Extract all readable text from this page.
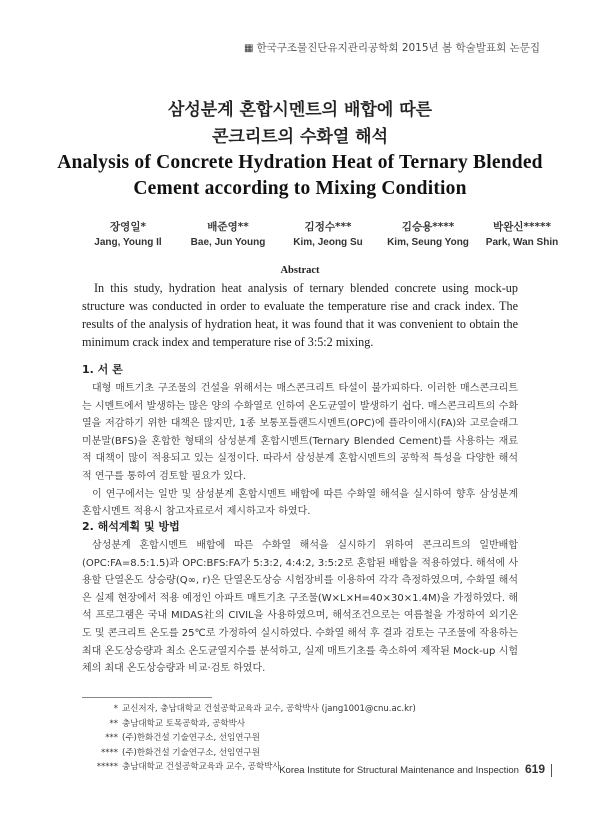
▦ 한국구조물진단유지관리공학회 2015년 봄 학술발표회 논문집
삼성분계 혼합시멘트의 배합에 따른
콘크리트의 수화열 해석
Analysis of Concrete Hydration Heat of Ternary Blended
Cement according to Mixing Condition
장영일*
Jang, Young Il
배준영**
Bae, Jun Young
김정수***
Kim, Jeong Su
김승용****
Kim, Seung Yong
박완신*****
Park, Wan Shin
Abstract
In this study, hydration heat analysis of ternary blended concrete using mock-up structure was conducted in order to evaluate the temperature rise and crack index. The results of the analysis of hydration heat, it was found that it was convenient to obtain the minimum crack index and temperature rise of 3:5:2 mixing.
1. 서 론

대형 매트기초 구조물의 건설을 위해서는 매스콘크리트 타설이 불가피하다. 이러한 매스콘크리트는 시멘트에서 발생하는 많은 양의 수화열로 인하여 온도균열이 발생하기 쉽다. 매스콘크리트의 수화열을 저감하기 위한 대책은 많지만, 1종 보통포틀랜드시멘트(OPC)에 플라이애시(FA)와 고로슬래그미분말(BFS)을 혼합한 형태의 삼성분계 혼합시멘트(Ternary Blended Cement)를 사용하는 재료적 대책이 많이 적용되고 있는 실정이다. 따라서 삼성분계 혼합시멘트의 공학적 특성을 다양한 해석적 연구를 통하여 검토할 필요가 있다.

이 연구에서는 일반 및 삼성분계 혼합시멘트 배합에 따른 수화열 해석을 실시하여 향후 삼성분계 혼합시멘트 적용시 참고자료로서 제시하고자 하였다.

2. 해석계획 및 방법

삼성분계 혼합시멘트 배합에 따른 수화열 해석을 실시하기 위하여 콘크리트의 일반배합(OPC:FA=8.5:1.5)과 OPC:BFS:FA가 5:3:2, 4:4:2, 3:5:2로 혼합된 배합을 적용하였다. 해석에 사용할 단열온도 상승량(Q∞, r)은 단열온도상승 시험장비를 이용하여 각각 측정하였으며, 수화열 해석은 실제 현장에서 적용 예정인 아파트 매트기초 구조물(W×L×H=40×30×1.4M)을 가정하였다. 해석 프로그램은 국내 MIDAS社의 CIVIL을 사용하였으며, 해석조건으로는 여름철을 가정하여 외기온도 및 콘크리트 온도를 25℃로 가정하여 실시하였다. 수화열 해석 후 결과 검토는 구조물에 작용하는 최대 온도상승량과 최소 온도균열지수를 분석하고, 실제 매트기초를 축소하여 제작된 Mock-up 시험체의 최대 온도상승량과 비교·검토 하였다.

* 교신저자, 충남대학교 건설공학교육과 교수, 공학박사 (jang1001@cnu.ac.kr)
** 충남대학교 토목공학과, 공학박사
*** (주)한화건설 기술연구소, 선임연구원
**** (주)한화건설 기술연구소, 선임연구원
***** 충남대학교 건설공학교육과 교수, 공학박사
Korea Institute for Structural Maintenance and Inspection 619
